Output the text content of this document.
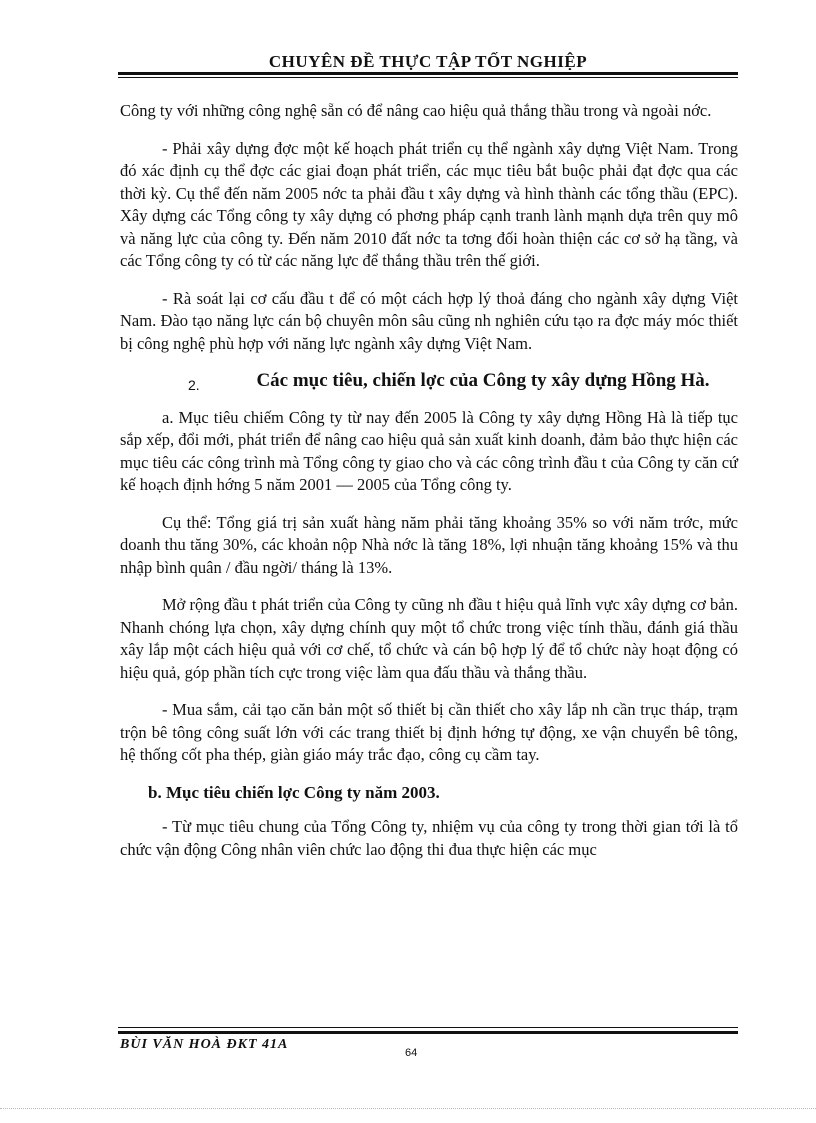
CHUYÊN ĐỀ THỰC TẬP TỐT NGHIỆP

Công ty với những công nghệ sẵn có để nâng cao hiệu quả thắng thầu trong và ngoài nớc.

- Phải xây dựng đợc một kế hoạch phát triển cụ thể ngành xây dựng Việt Nam. Trong đó xác định cụ thể đợc các giai đoạn phát triển, các mục tiêu bắt buộc phải đạt đợc qua các thời kỳ. Cụ thể đến năm 2005 nớc ta phải đầu t xây dựng và hình thành các tổng thầu (EPC). Xây dựng các Tổng công ty xây dựng có phơng pháp cạnh tranh lành mạnh dựa trên quy mô và năng lực của công ty. Đến năm 2010 đất nớc ta tơng đối hoàn thiện các cơ sở hạ tầng, và các Tổng công ty có từ các năng lực để thắng thầu trên thế giới.

- Rà soát lại cơ cấu đầu t để có một cách hợp lý thoả đáng cho ngành xây dựng Việt Nam. Đào tạo năng lực cán bộ chuyên môn sâu cũng nh nghiên cứu tạo ra đợc máy móc thiết bị công nghệ phù hợp với năng lực ngành xây dựng Việt Nam.

2.	Các mục tiêu, chiến lợc của Công ty xây dựng Hồng Hà.

a. Mục tiêu chiếm Công ty từ nay đến 2005 là Công ty xây dựng Hồng Hà là tiếp tục sắp xếp, đổi mới, phát triển để nâng cao hiệu quả sản xuất kinh doanh, đảm bảo thực hiện các mục tiêu các công trình mà Tổng công ty giao cho và các công trình đầu t của Công ty căn cứ kế hoạch định hớng 5 năm 2001 — 2005 của Tổng công ty.

Cụ thể: Tổng giá trị sản xuất hàng năm phải tăng khoảng 35% so với năm trớc, mức doanh thu tăng 30%, các khoản nộp Nhà nớc là tăng 18%, lợi nhuận tăng khoảng 15% và thu nhập bình quân / đầu ngời/ tháng là 13%.

Mở rộng đầu t phát triển của Công ty cũng nh đầu t hiệu quả lĩnh vực xây dựng cơ bản. Nhanh chóng lựa chọn, xây dựng chính quy một tổ chức trong việc tính thầu, đánh giá thầu xây lắp một cách hiệu quả với cơ chế, tổ chức và cán bộ hợp lý để tổ chức này hoạt động có hiệu quả, góp phần tích cực trong việc làm qua đấu thầu và thắng thầu.

- Mua sắm, cải tạo căn bản một số thiết bị cần thiết cho xây lắp nh cần trục tháp, trạm trộn bê tông công suất lớn với các trang thiết bị định hớng tự động, xe vận chuyển bê tông, hệ thống cốt pha thép, giàn giáo máy trắc đạo, công cụ cầm tay.

b. Mục tiêu chiến lợc Công ty năm 2003.

- Từ mục tiêu chung của Tổng Công ty, nhiệm vụ của công ty trong thời gian tới là tổ chức vận động Công nhân viên chức lao động thi đua thực hiện các mục

BÙI VĂN HOÀ ĐKT 41A
64
